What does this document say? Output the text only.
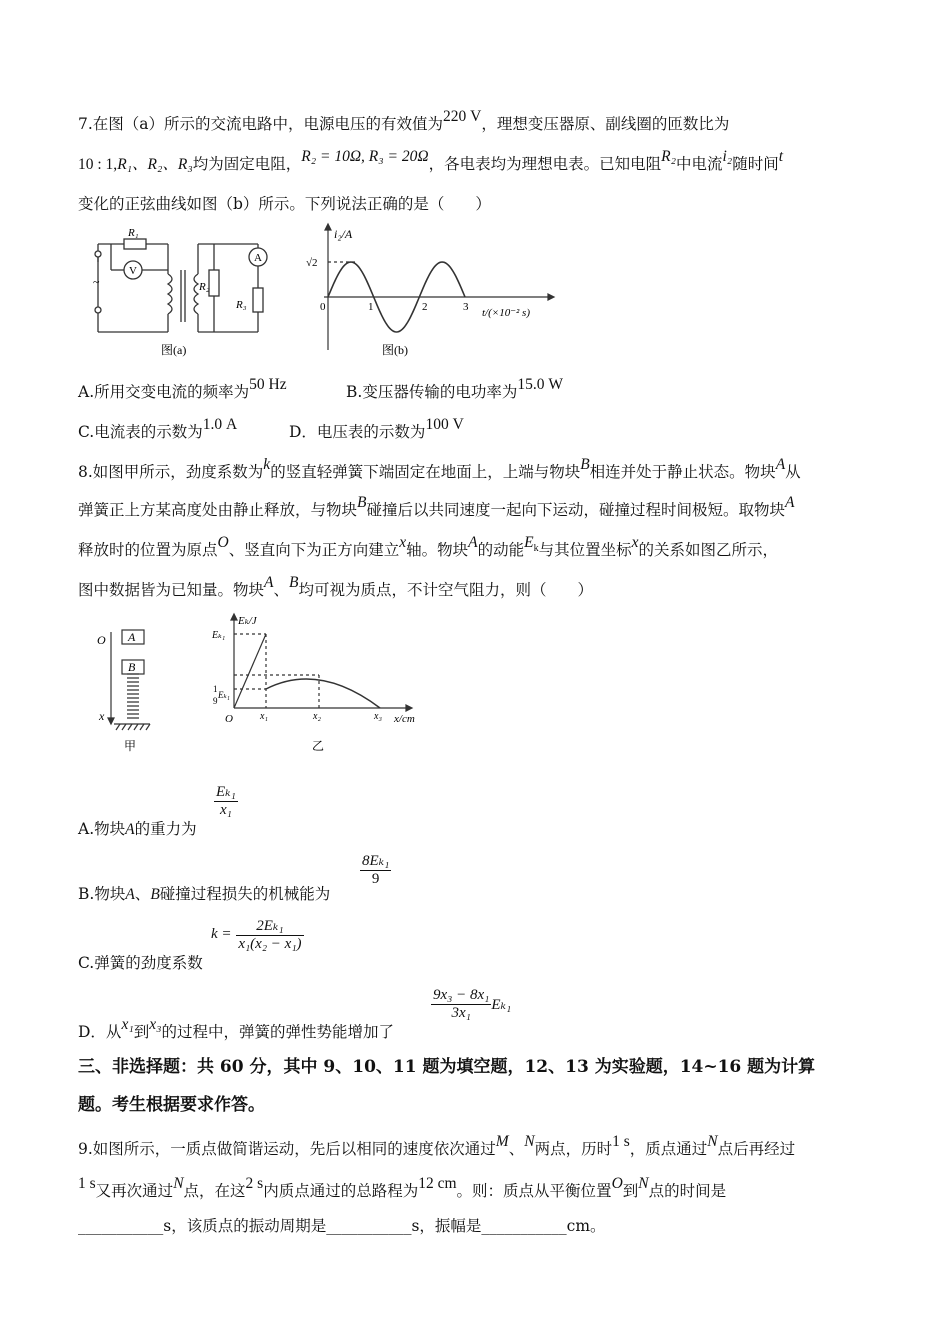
7.在图（a）所示的交流电路中，电源电压的有效值为220 V，理想变压器原、副线圈的匝数比为
10 : 1,R₁、R₂、R₃均为固定电阻，R₂ = 10Ω, R₃ = 20Ω，各电表均为理想电表。已知电阻R₂中电流i₂随时间t
变化的正弦曲线如图（b）所示。下列说法正确的是（　　）
~
R₁
V
R₂
A
R₃
图(a)
i₂/A
√2
0	1	2	3 t/(×10⁻² s)
图(b)
A.所用交变电流的频率为50 Hz	B.变压器传输的电功率为15.0 W
C.电流表的示数为1.0 A	D．电压表的示数为100 V
8.如图甲所示，劲度系数为k的竖直轻弹簧下端固定在地面上，上端与物块B相连并处于静止状态。物块A从
弹簧正上方某高度处由静止释放，与物块B碰撞后以共同速度一起向下运动，碰撞过程时间极短。取物块A
释放时的位置为原点O、竖直向下为正方向建立x轴。物块A的动能$E_k$与其位置坐标x的关系如图乙所示，
图中数据皆为已知量。物块A、B均可视为质点，不计空气阻力，则（　　）
O A
B
x
甲
Eₖ/J
Eₖ₁
1
9
Eₖ₁
O	x₁	x₂	x₃ x/cm
乙
$\frac{\text{Eₖ₁}}{\text{x₁}}$
A.物块A的重力为
$\frac{\text{8Eₖ₁}}{9}$
B.物块A、B碰撞过程损失的机械能为
$k = \frac{\text{2Eₖ₁}}{\text{x₁(x₂ − x₁)}}$
C.弹簧的劲度系数
$\frac{\text{9x₃ − 8x₁}}{\text{3x₁}} E_{k1}$
D．从x₁到x₃的过程中，弹簧的弹性势能增加了
三、非选择题：共 60 分，其中 9、10、11 题为填空题，12、13 为实验题，14~16 题为计算
题。考生根据要求作答。
9.如图所示，一质点做简谐运动，先后以相同的速度依次通过M、N两点，历时1 s，质点通过N点后再经过
1 s又再次通过N点，在这2 s内质点通过的总路程为12 cm。则：质点从平衡位置O到N点的时间是
___________s，该质点的振动周期是___________s，振幅是___________cm。
